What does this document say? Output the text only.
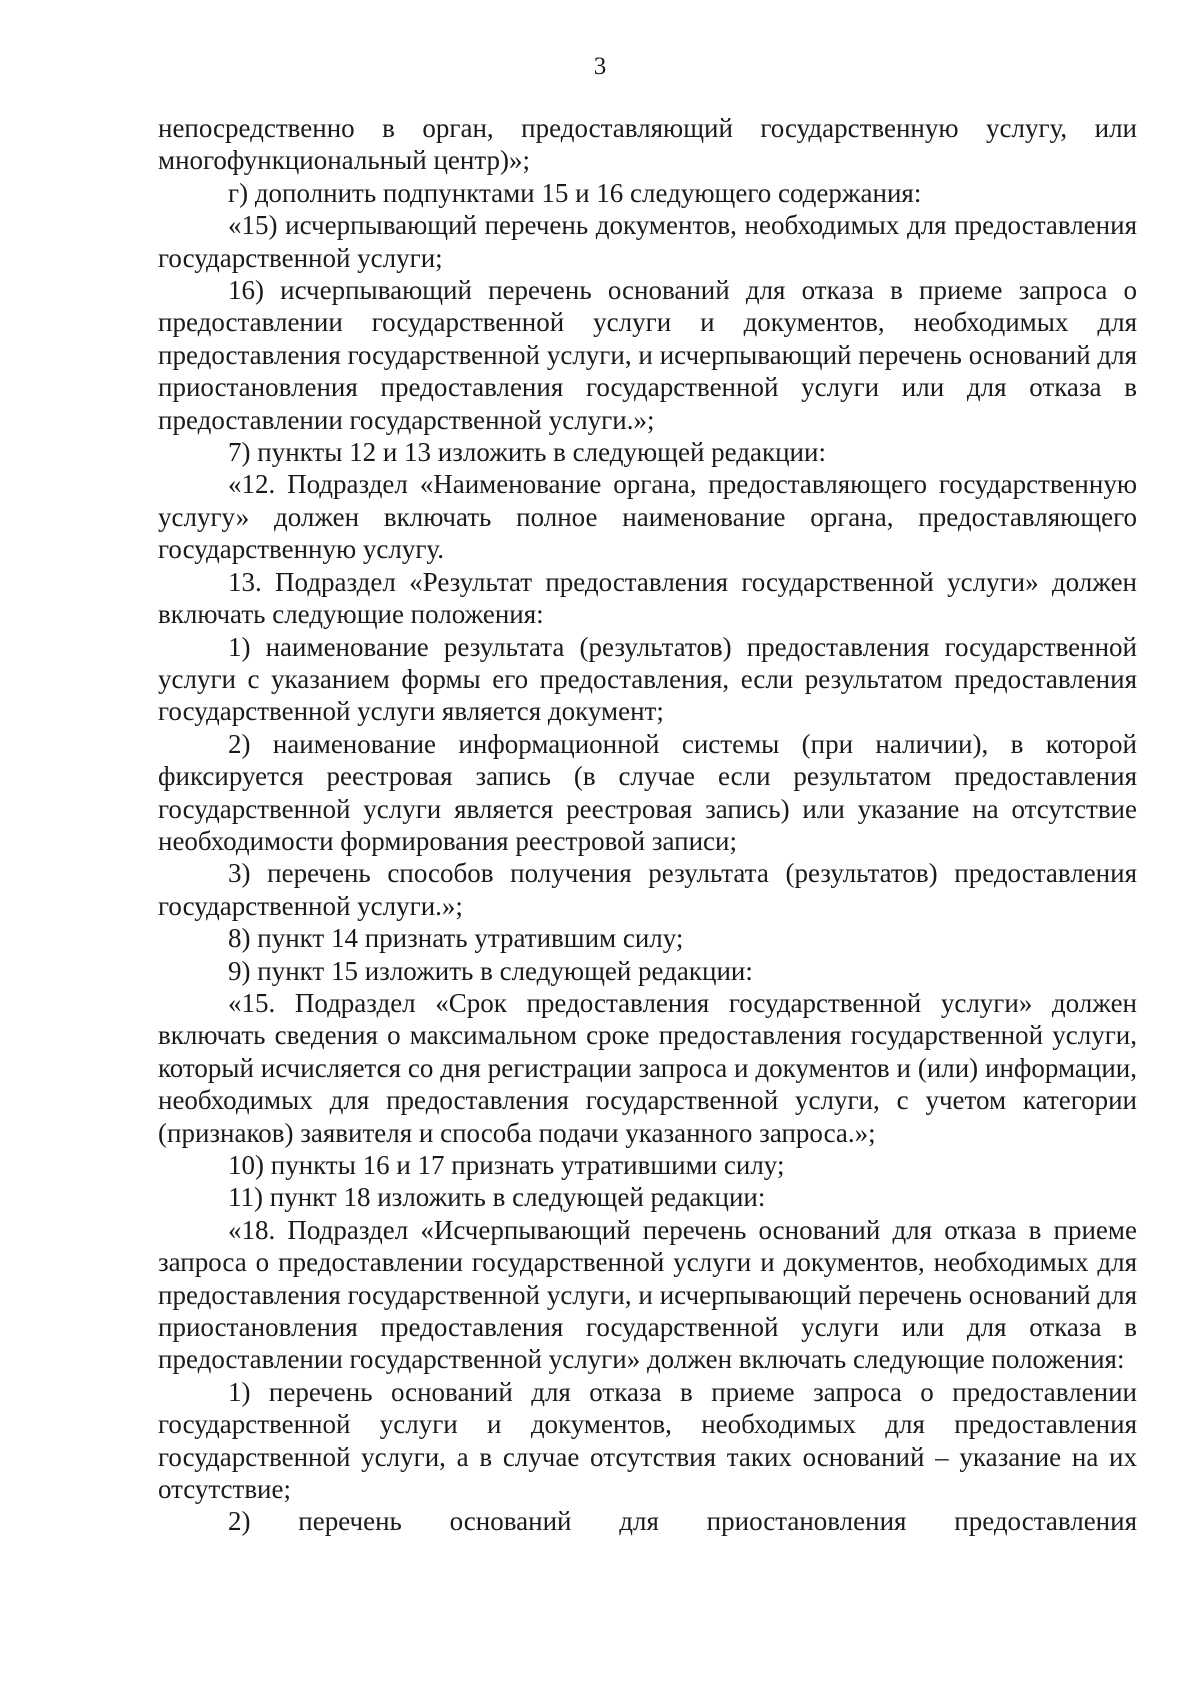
3

непосредственно в орган, предоставляющий государственную услугу, или многофункциональный центр)»;

г) дополнить подпунктами 15 и 16 следующего содержания:

«15) исчерпывающий перечень документов, необходимых для предоставления государственной услуги;

16) исчерпывающий перечень оснований для отказа в приеме запроса о предоставлении государственной услуги и документов, необходимых для предоставления государственной услуги, и исчерпывающий перечень оснований для приостановления предоставления государственной услуги или для отказа в предоставлении государственной услуги.»;

7) пункты 12 и 13 изложить в следующей редакции:

«12. Подраздел «Наименование органа, предоставляющего государственную услугу» должен включать полное наименование органа, предоставляющего государственную услугу.

13. Подраздел «Результат предоставления государственной услуги» должен включать следующие положения:

1) наименование результата (результатов) предоставления государственной услуги с указанием формы его предоставления, если результатом предоставления государственной услуги является документ;

2) наименование информационной системы (при наличии), в которой фиксируется реестровая запись (в случае если результатом предоставления государственной услуги является реестровая запись) или указание на отсутствие необходимости формирования реестровой записи;

3) перечень способов получения результата (результатов) предоставления государственной услуги.»;

8) пункт 14 признать утратившим силу;

9) пункт 15 изложить в следующей редакции:

«15. Подраздел «Срок предоставления государственной услуги» должен включать сведения о максимальном сроке предоставления государственной услуги, который исчисляется со дня регистрации запроса и документов и (или) информации, необходимых для предоставления государственной услуги, с учетом категории (признаков) заявителя и способа подачи указанного запроса.»;

10) пункты 16 и 17 признать утратившими силу;

11) пункт 18 изложить в следующей редакции:

«18. Подраздел «Исчерпывающий перечень оснований для отказа в приеме запроса о предоставлении государственной услуги и документов, необходимых для предоставления государственной услуги, и исчерпывающий перечень оснований для приостановления предоставления государственной услуги или для отказа в предоставлении государственной услуги» должен включать следующие положения:

1) перечень оснований для отказа в приеме запроса о предоставлении государственной услуги и документов, необходимых для предоставления государственной услуги, а в случае отсутствия таких оснований – указание на их отсутствие;

2) перечень оснований для приостановления предоставления
